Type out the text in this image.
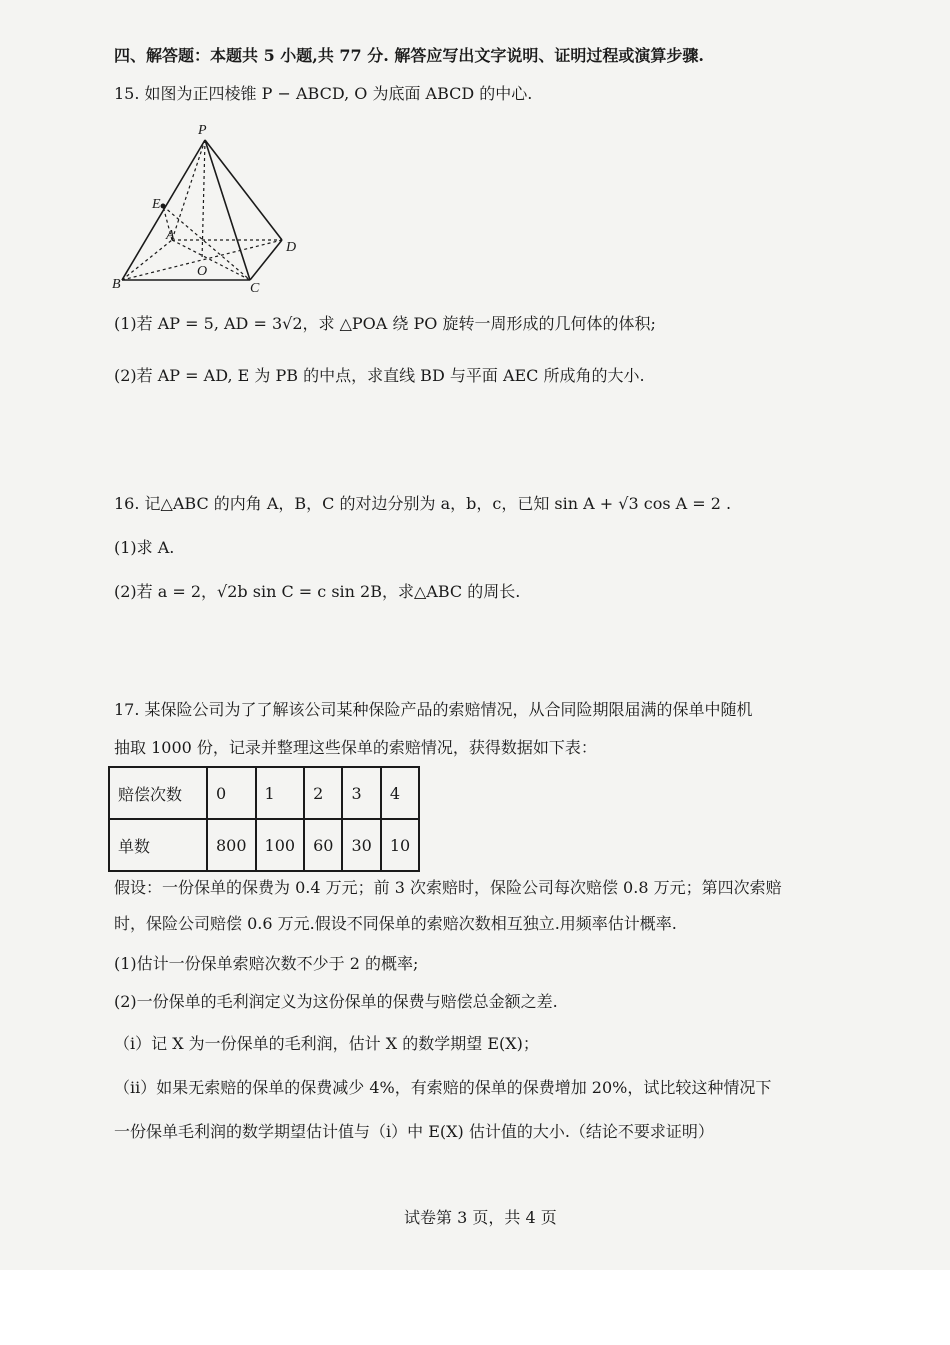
四、解答题：本题共 5 小题,共 77 分. 解答应写出文字说明、证明过程或演算步骤.
15. 如图为正四棱锥 P − ABCD, O 为底面 ABCD 的中心.
P
E
A
D
O
B	C
(1)若 AP = 5, AD = 3√2，求 △POA 绕 PO 旋转一周形成的几何体的体积;
(2)若 AP = AD, E 为 PB 的中点，求直线 BD 与平面 AEC 所成角的大小.
16. 记△ABC 的内角 A，B，C 的对边分别为 a，b，c，已知 sin A + √3 cos A = 2 .
(1)求 A.
(2)若 a = 2，√2b sin C = c sin 2B，求△ABC 的周长.
17. 某保险公司为了了解该公司某种保险产品的索赔情况，从合同险期限届满的保单中随机
抽取 1000 份，记录并整理这些保单的索赔情况，获得数据如下表：
赔偿次数	0	1	2	3	4
单数	800	100	60	30	10
假设：一份保单的保费为 0.4 万元；前 3 次索赔时，保险公司每次赔偿 0.8 万元；第四次索赔
时，保险公司赔偿 0.6 万元.假设不同保单的索赔次数相互独立.用频率估计概率.
(1)估计一份保单索赔次数不少于 2 的概率;
(2)一份保单的毛利润定义为这份保单的保费与赔偿总金额之差.
（i）记 X 为一份保单的毛利润，估计 X 的数学期望 E(X)；
（ii）如果无索赔的保单的保费减少 4%，有索赔的保单的保费增加 20%，试比较这种情况下
一份保单毛利润的数学期望估计值与（i）中 E(X) 估计值的大小.（结论不要求证明）
试卷第 3 页，共 4 页
